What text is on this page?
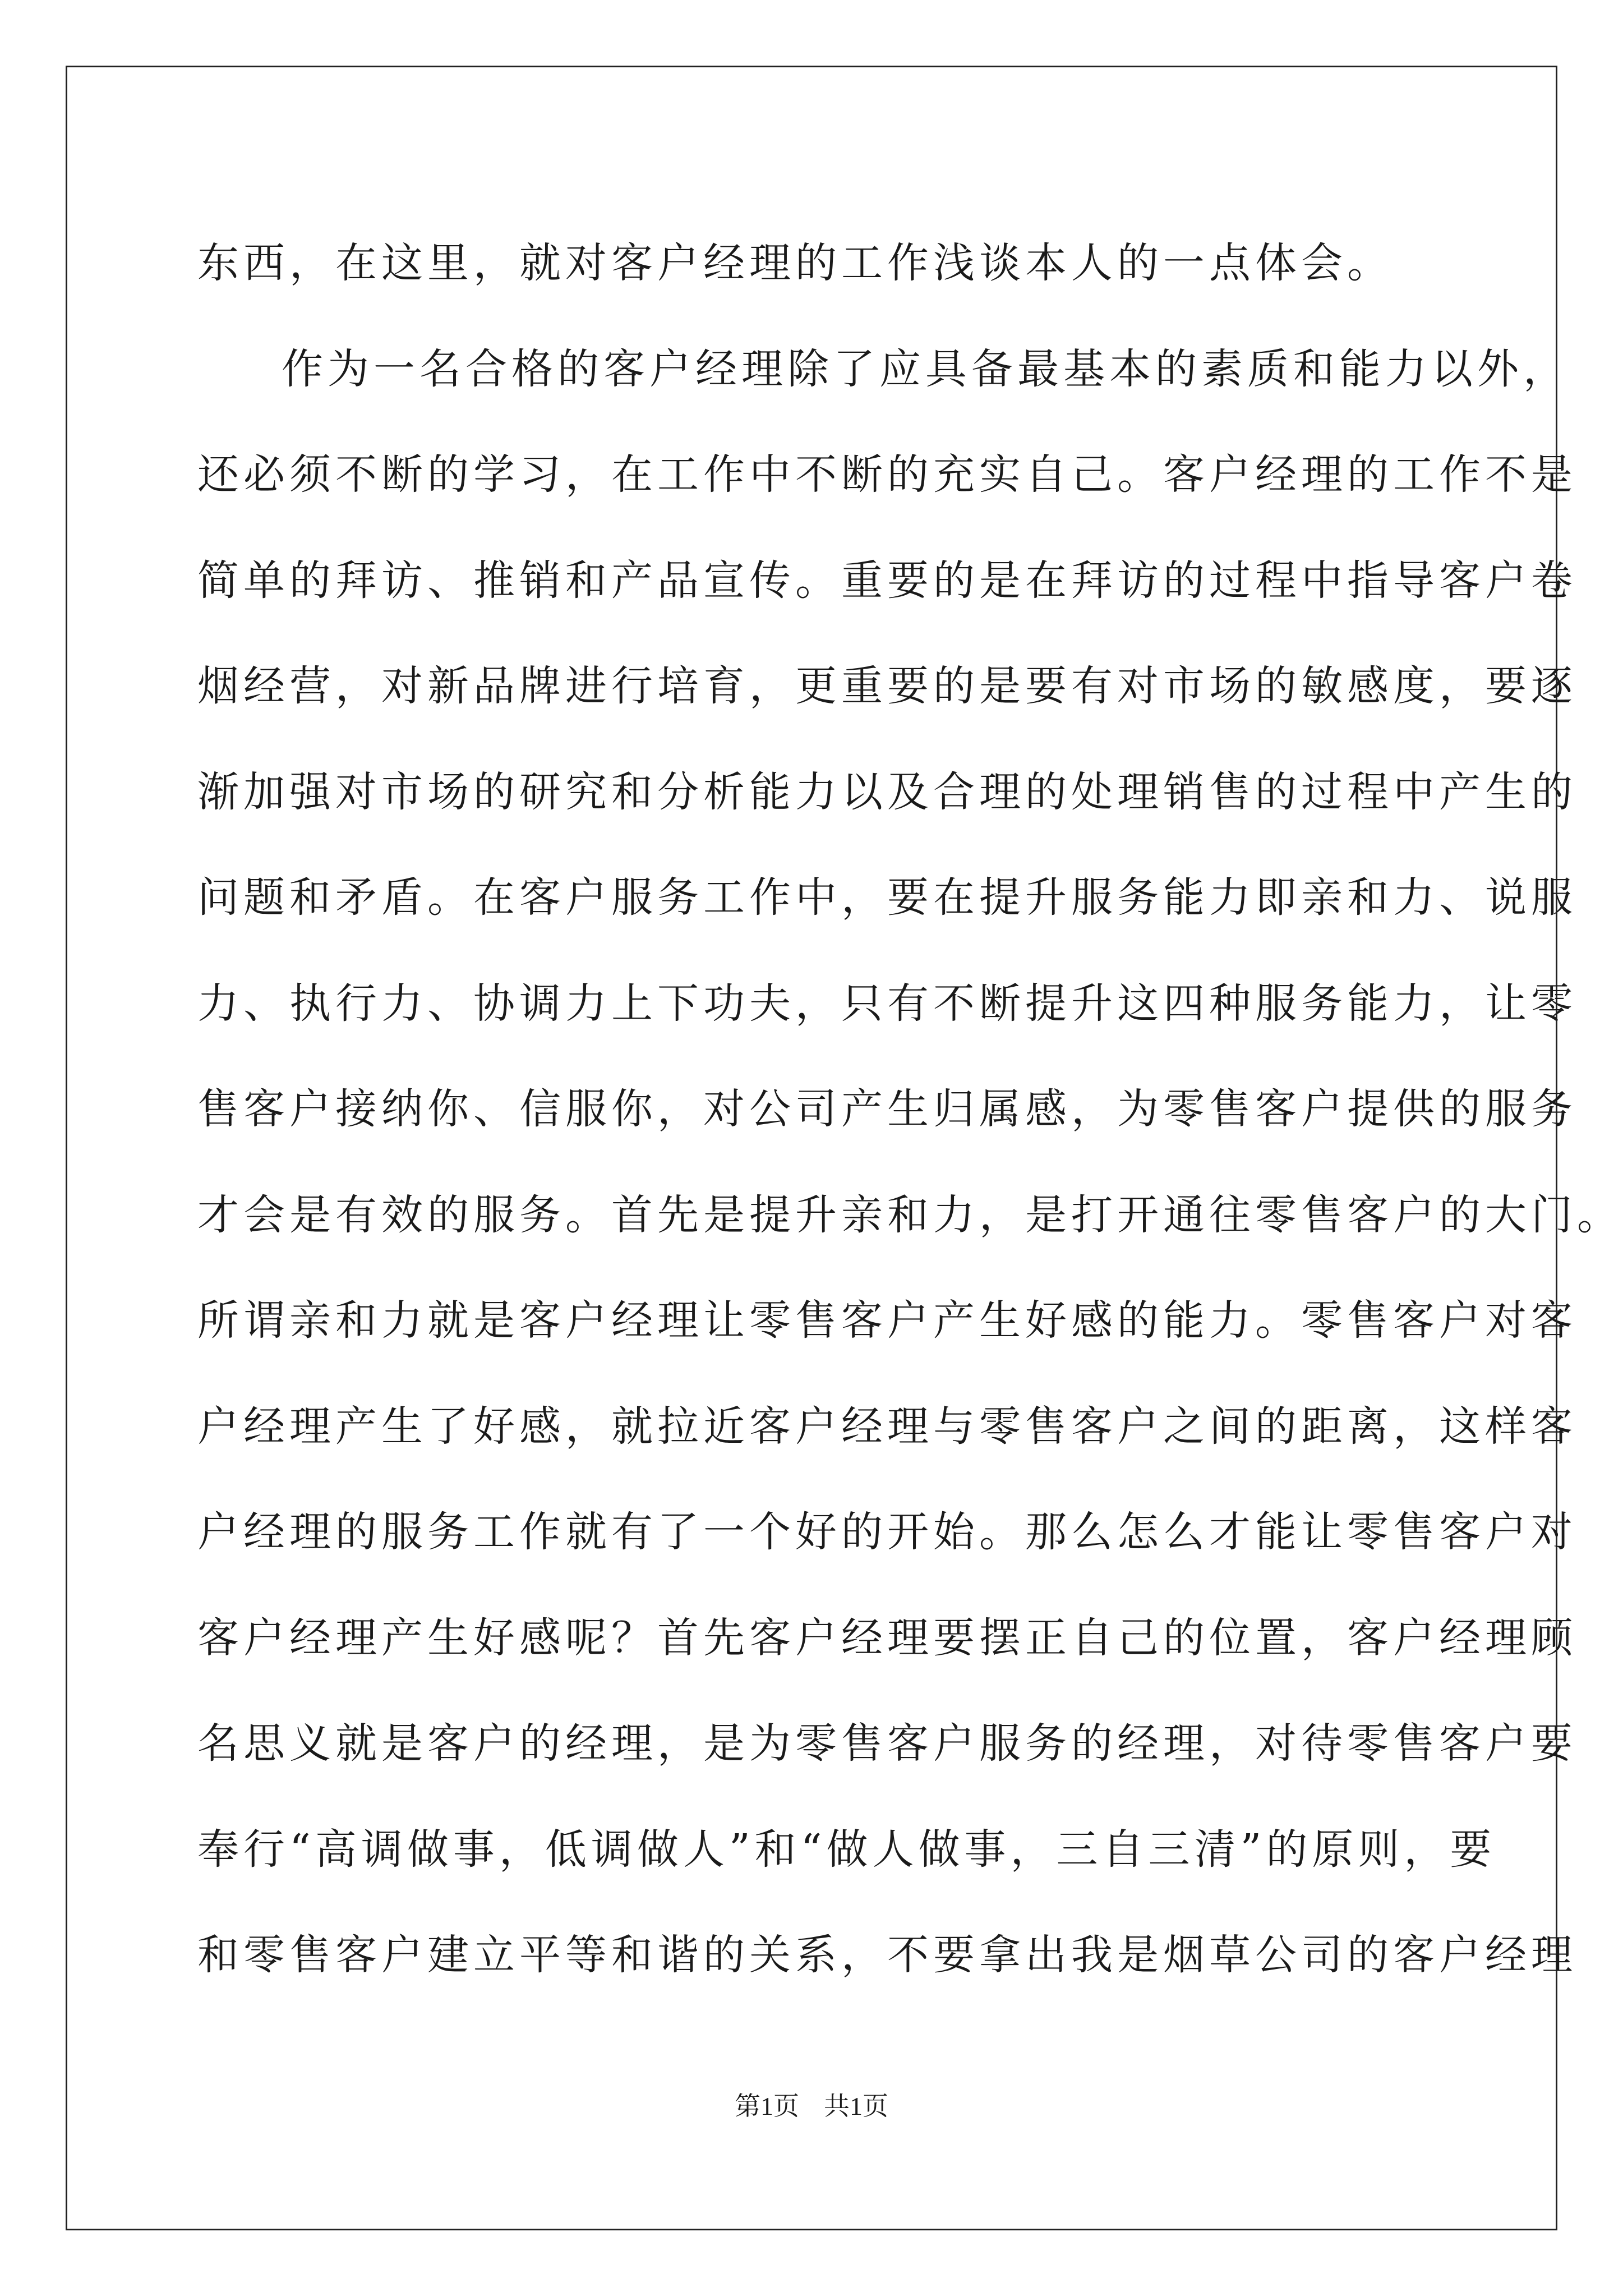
东西，在这里，就对客户经理的工作浅谈本人的一点体会。
作为一名合格的客户经理除了应具备最基本的素质和能力以外，
还必须不断的学习，在工作中不断的充实自己。客户经理的工作不是
简单的拜访、推销和产品宣传。重要的是在拜访的过程中指导客户卷
烟经营，对新品牌进行培育，更重要的是要有对市场的敏感度，要逐
渐加强对市场的研究和分析能力以及合理的处理销售的过程中产生的
问题和矛盾。在客户服务工作中，要在提升服务能力即亲和力、说服
力、执行力、协调力上下功夫，只有不断提升这四种服务能力，让零
售客户接纳你、信服你，对公司产生归属感，为零售客户提供的服务
才会是有效的服务。首先是提升亲和力，是打开通往零售客户的大门。
所谓亲和力就是客户经理让零售客户产生好感的能力。零售客户对客
户经理产生了好感，就拉近客户经理与零售客户之间的距离，这样客
户经理的服务工作就有了一个好的开始。那么怎么才能让零售客户对
客户经理产生好感呢？首先客户经理要摆正自己的位置，客户经理顾
名思义就是客户的经理，是为零售客户服务的经理，对待零售客户要
奉行“高调做事，低调做人”和“做人做事，三自三清”的原则，要
和零售客户建立平等和谐的关系，不要拿出我是烟草公司的客户经理
第1页 共1页
